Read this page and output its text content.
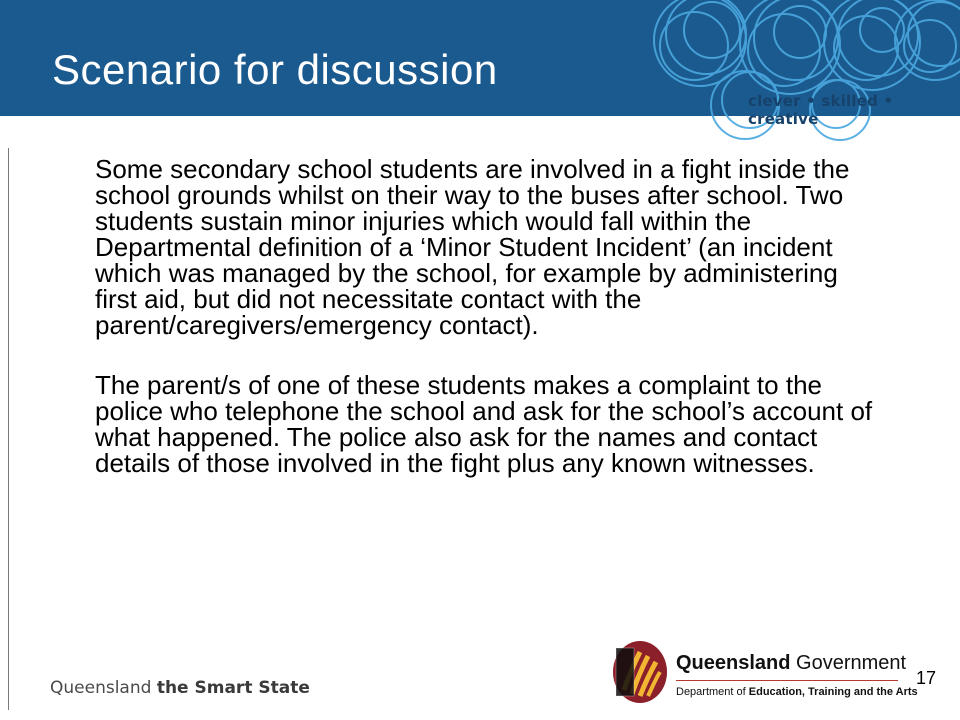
Scenario for discussion
clever • skilled • creative

Some secondary school students are involved in a fight inside the school grounds whilst on their way to the buses after school. Two students sustain minor injuries which would fall within the Departmental definition of a ‘Minor Student Incident’ (an incident which was managed by the school, for example by administering first aid, but did not necessitate contact with the parent/caregivers/emergency contact).

The parent/s of one of these students makes a complaint to the police who telephone the school and ask for the school’s account of what happened. The police also ask for the names and contact details of those involved in the fight plus any known witnesses.

Queensland the Smart State
Queensland Government
Department of Education, Training and the Arts
17
